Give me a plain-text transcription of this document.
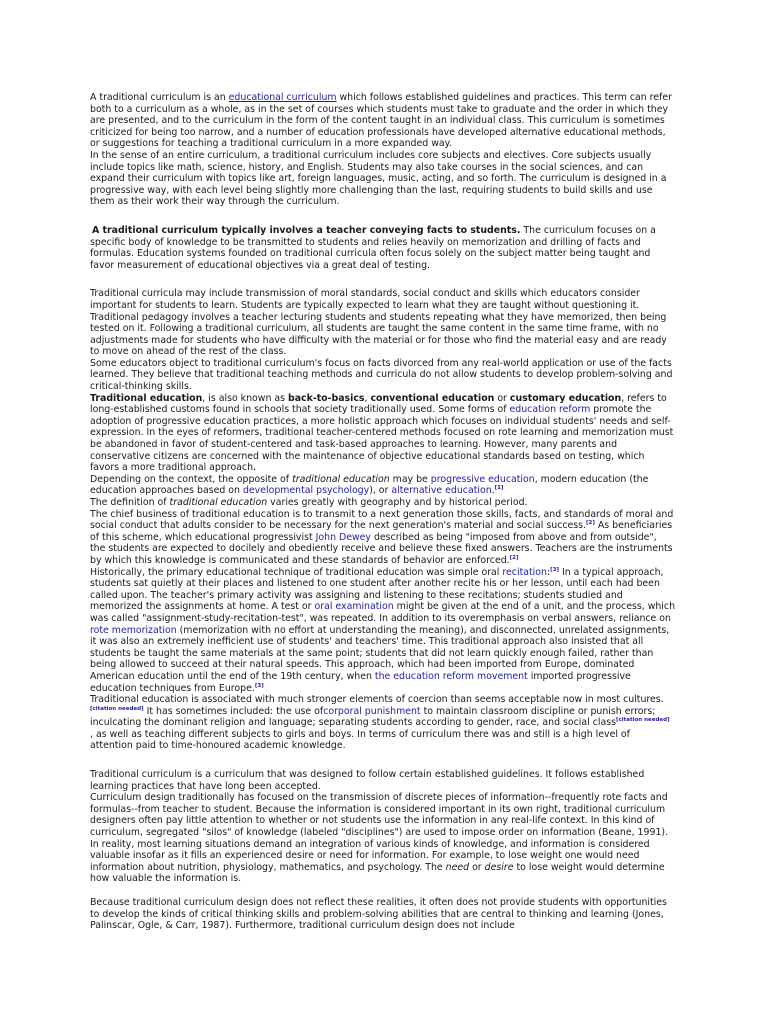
A traditional curriculum is an educational curriculum which follows established guidelines and practices. This term can refer both to a curriculum as a whole, as in the set of courses which students must take to graduate and the order in which they are presented, and to the curriculum in the form of the content taught in an individual class. This curriculum is sometimes criticized for being too narrow, and a number of education professionals have developed alternative educational methods, or suggestions for teaching a traditional curriculum in a more expanded way.

In the sense of an entire curriculum, a traditional curriculum includes core subjects and electives. Core subjects usually include topics like math, science, history, and English. Students may also take courses in the social sciences, and can expand their curriculum with topics like art, foreign languages, music, acting, and so forth. The curriculum is designed in a progressive way, with each level being slightly more challenging than the last, requiring students to build skills and use them as their work their way through the curriculum.

A traditional curriculum typically involves a teacher conveying facts to students. The curriculum focuses on a specific body of knowledge to be transmitted to students and relies heavily on memorization and drilling of facts and formulas. Education systems founded on traditional curricula often focus solely on the subject matter being taught and favor measurement of educational objectives via a great deal of testing.

Traditional curricula may include transmission of moral standards, social conduct and skills which educators consider important for students to learn. Students are typically expected to learn what they are taught without questioning it. Traditional pedagogy involves a teacher lecturing students and students repeating what they have memorized, then being tested on it. Following a traditional curriculum, all students are taught the same content in the same time frame, with no adjustments made for students who have difficulty with the material or for those who find the material easy and are ready to move on ahead of the rest of the class.

Some educators object to traditional curriculum's focus on facts divorced from any real-world application or use of the facts learned. They believe that traditional teaching methods and curricula do not allow students to develop problem-solving and critical-thinking skills.

Traditional education, is also known as back-to-basics, conventional education or customary education, refers to long-established customs found in schools that society traditionally used. Some forms of education reform promote the adoption of progressive education practices, a more holistic approach which focuses on individual students' needs and self-expression. In the eyes of reformers, traditional teacher-centered methods focused on rote learning and memorization must be abandoned in favor of student-centered and task-based approaches to learning. However, many parents and conservative citizens are concerned with the maintenance of objective educational standards based on testing, which favors a more traditional approach.

Depending on the context, the opposite of traditional education may be progressive education, modern education (the education approaches based on developmental psychology), or alternative education.[1]

The definition of traditional education varies greatly with geography and by historical period.

The chief business of traditional education is to transmit to a next generation those skills, facts, and standards of moral and social conduct that adults consider to be necessary for the next generation's material and social success.[2] As beneficiaries of this scheme, which educational progressivist John Dewey described as being "imposed from above and from outside", the students are expected to docilely and obediently receive and believe these fixed answers. Teachers are the instruments by which this knowledge is communicated and these standards of behavior are enforced.[2]

Historically, the primary educational technique of traditional education was simple oral recitation:[3] In a typical approach, students sat quietly at their places and listened to one student after another recite his or her lesson, until each had been called upon. The teacher's primary activity was assigning and listening to these recitations; students studied and memorized the assignments at home. A test or oral examination might be given at the end of a unit, and the process, which was called "assignment-study-recitation-test", was repeated. In addition to its overemphasis on verbal answers, reliance on rote memorization (memorization with no effort at understanding the meaning), and disconnected, unrelated assignments, it was also an extremely inefficient use of students' and teachers' time. This traditional approach also insisted that all students be taught the same materials at the same point; students that did not learn quickly enough failed, rather than being allowed to succeed at their natural speeds. This approach, which had been imported from Europe, dominated American education until the end of the 19th century, when the education reform movement imported progressive education techniques from Europe.[3]

Traditional education is associated with much stronger elements of coercion than seems acceptable now in most cultures.[citation needed] It has sometimes included: the use ofcorporal punishment to maintain classroom discipline or punish errors; inculcating the dominant religion and language; separating students according to gender, race, and social class[citation needed] , as well as teaching different subjects to girls and boys. In terms of curriculum there was and still is a high level of attention paid to time-honoured academic knowledge.

Traditional curriculum is a curriculum that was designed to follow certain established guidelines. It follows established learning practices that have long been accepted.

Curriculum design traditionally has focused on the transmission of discrete pieces of information--frequently rote facts and formulas--from teacher to student. Because the information is considered important in its own right, traditional curriculum designers often pay little attention to whether or not students use the information in any real-life context. In this kind of curriculum, segregated "silos" of knowledge (labeled "disciplines") are used to impose order on information (Beane, 1991).

In reality, most learning situations demand an integration of various kinds of knowledge, and information is considered valuable insofar as it fills an experienced desire or need for information. For example, to lose weight one would need information about nutrition, physiology, mathematics, and psychology. The need or desire to lose weight would determine how valuable the information is.

Because traditional curriculum design does not reflect these realities, it often does not provide students with opportunities to develop the kinds of critical thinking skills and problem-solving abilities that are central to thinking and learning (Jones, Palinscar, Ogle, & Carr, 1987). Furthermore, traditional curriculum design does not include
